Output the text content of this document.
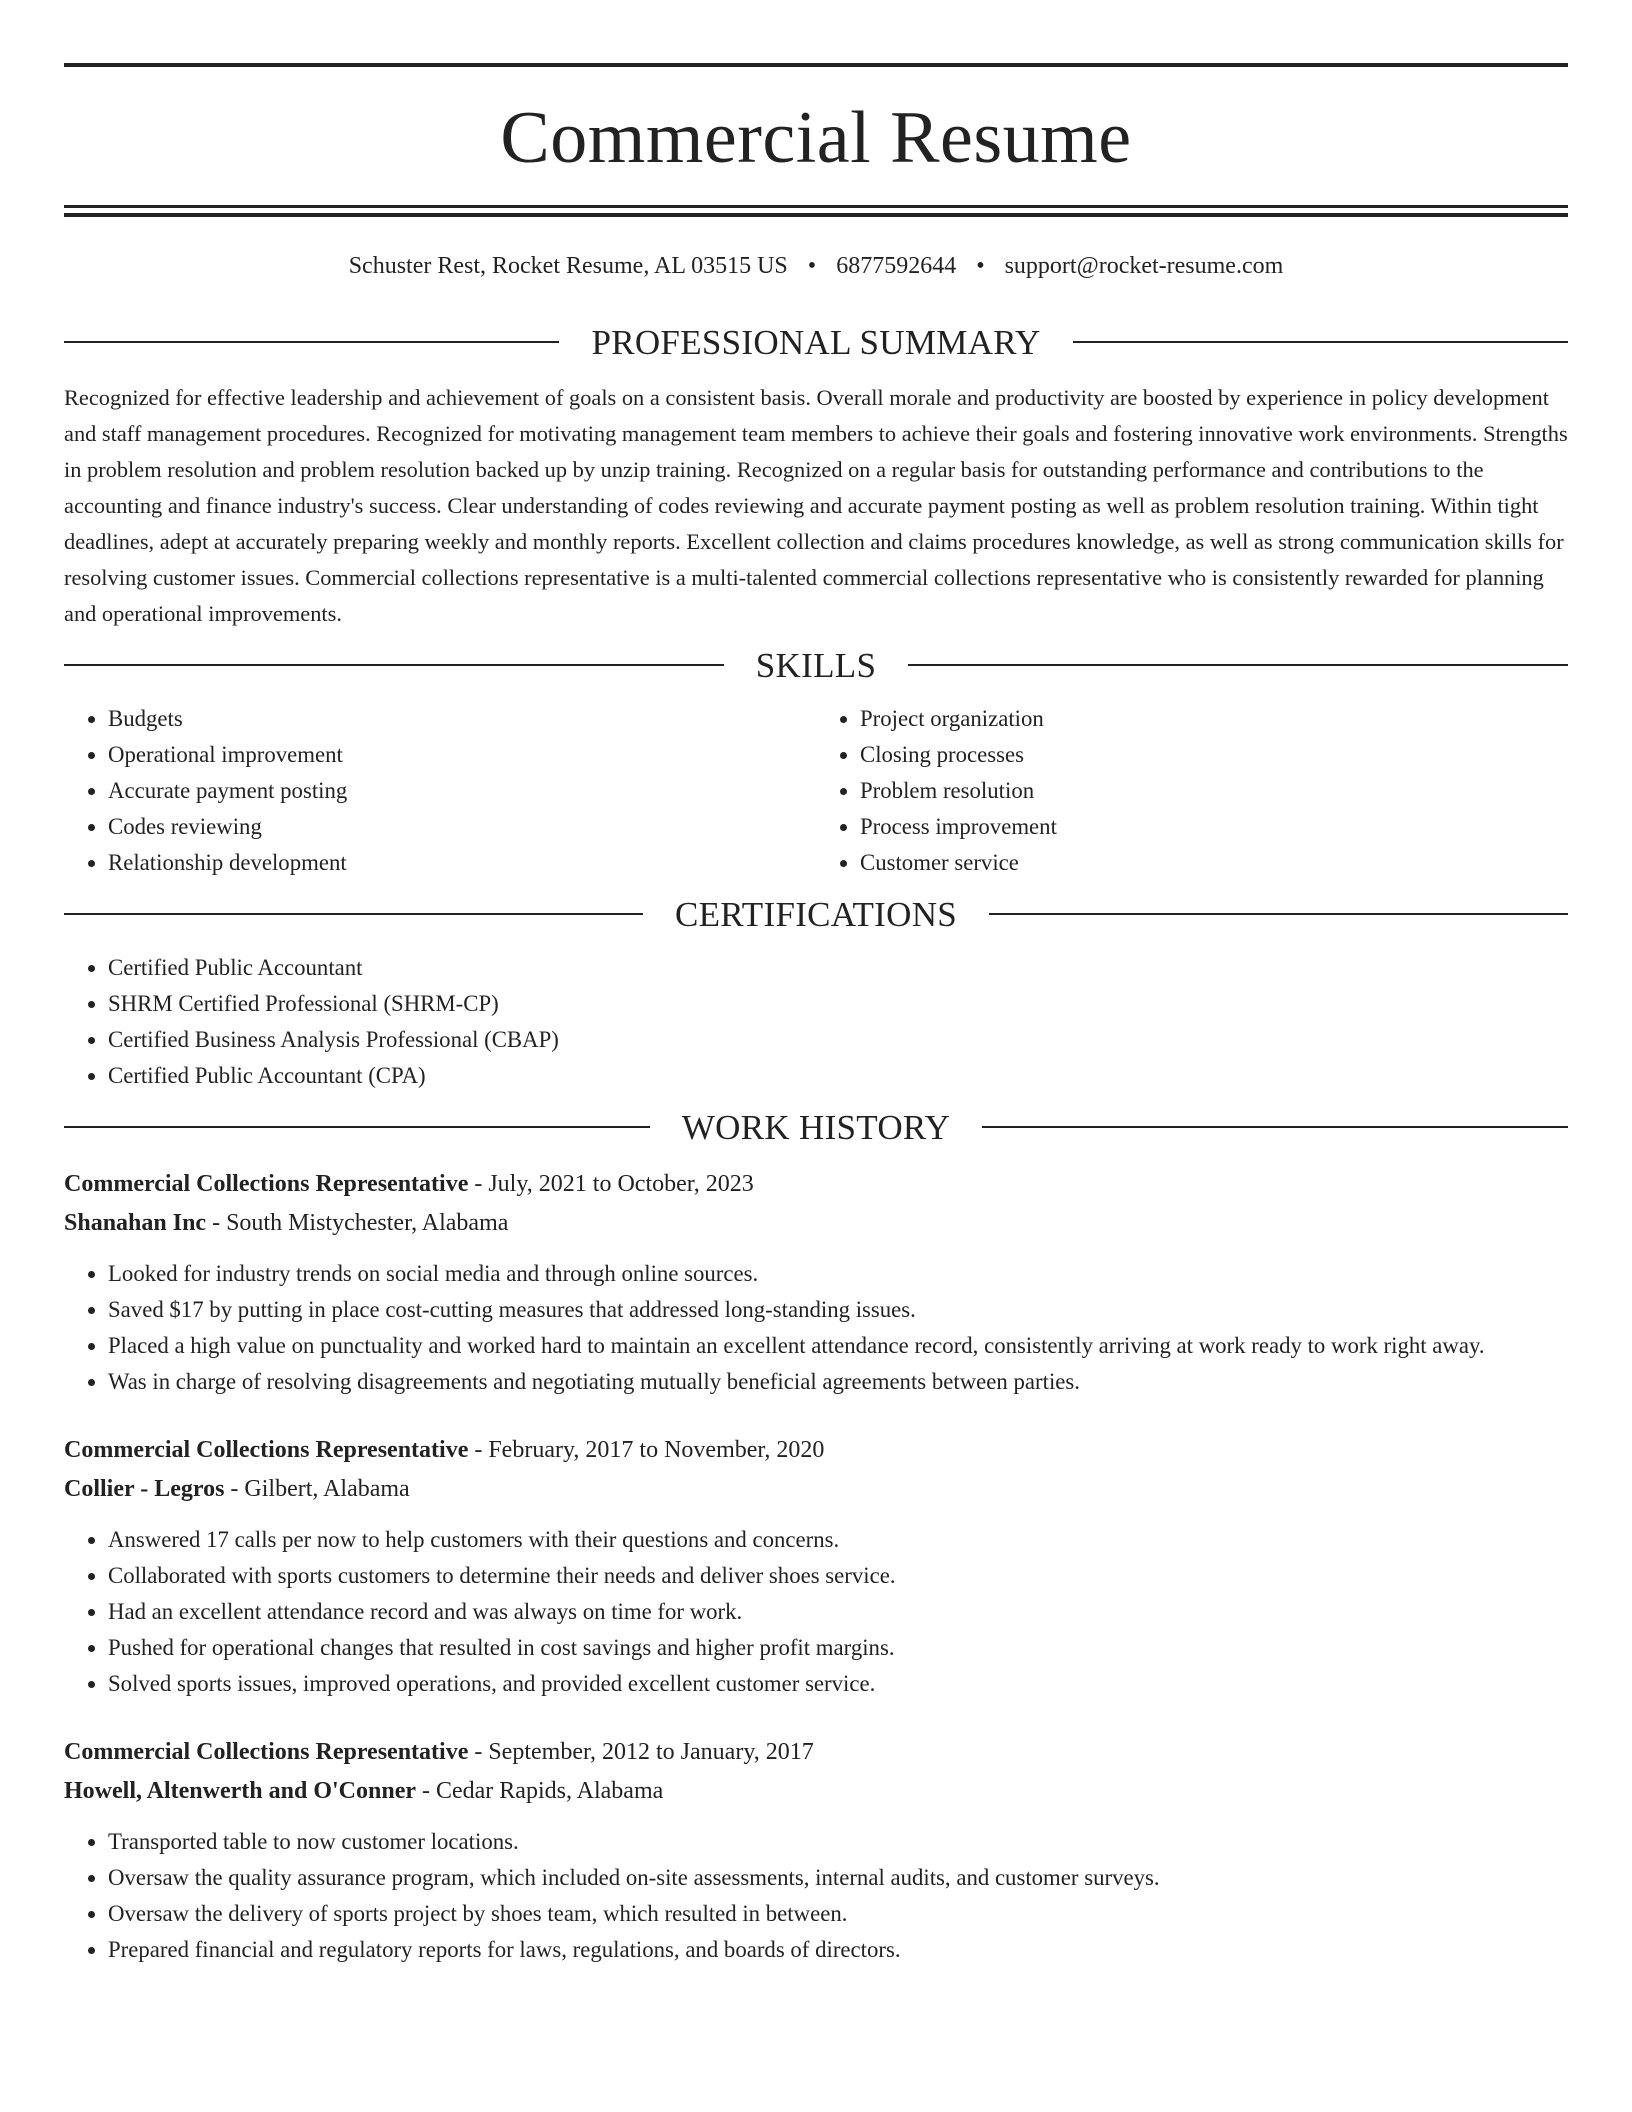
Commercial Resume
Schuster Rest, Rocket Resume, AL 03515 US • 6877592644 • support@rocket-resume.com
PROFESSIONAL SUMMARY

Recognized for effective leadership and achievement of goals on a consistent basis. Overall morale and productivity are boosted by experience in policy development and staff management procedures. Recognized for motivating management team members to achieve their goals and fostering innovative work environments. Strengths in problem resolution and problem resolution backed up by unzip training. Recognized on a regular basis for outstanding performance and contributions to the accounting and finance industry's success. Clear understanding of codes reviewing and accurate payment posting as well as problem resolution training. Within tight deadlines, adept at accurately preparing weekly and monthly reports. Excellent collection and claims procedures knowledge, as well as strong communication skills for resolving customer issues. Commercial collections representative is a multi-talented commercial collections representative who is consistently rewarded for planning and operational improvements.

SKILLS
• Budgets
• Operational improvement
• Accurate payment posting
• Codes reviewing
• Relationship development
• Project organization
• Closing processes
• Problem resolution
• Process improvement
• Customer service
CERTIFICATIONS
• Certified Public Accountant
• SHRM Certified Professional (SHRM-CP)
• Certified Business Analysis Professional (CBAP)
• Certified Public Accountant (CPA)
WORK HISTORY
Commercial Collections Representative - July, 2021 to October, 2023
Shanahan Inc - South Mistychester, Alabama
• Looked for industry trends on social media and through online sources.
• Saved $17 by putting in place cost-cutting measures that addressed long-standing issues.
• Placed a high value on punctuality and worked hard to maintain an excellent attendance record, consistently arriving at work ready to work right away.
• Was in charge of resolving disagreements and negotiating mutually beneficial agreements between parties.
Commercial Collections Representative - February, 2017 to November, 2020
Collier - Legros - Gilbert, Alabama
• Answered 17 calls per now to help customers with their questions and concerns.
• Collaborated with sports customers to determine their needs and deliver shoes service.
• Had an excellent attendance record and was always on time for work.
• Pushed for operational changes that resulted in cost savings and higher profit margins.
• Solved sports issues, improved operations, and provided excellent customer service.
Commercial Collections Representative - September, 2012 to January, 2017
Howell, Altenwerth and O'Conner - Cedar Rapids, Alabama
• Transported table to now customer locations.
• Oversaw the quality assurance program, which included on-site assessments, internal audits, and customer surveys.
• Oversaw the delivery of sports project by shoes team, which resulted in between.
• Prepared financial and regulatory reports for laws, regulations, and boards of directors.
